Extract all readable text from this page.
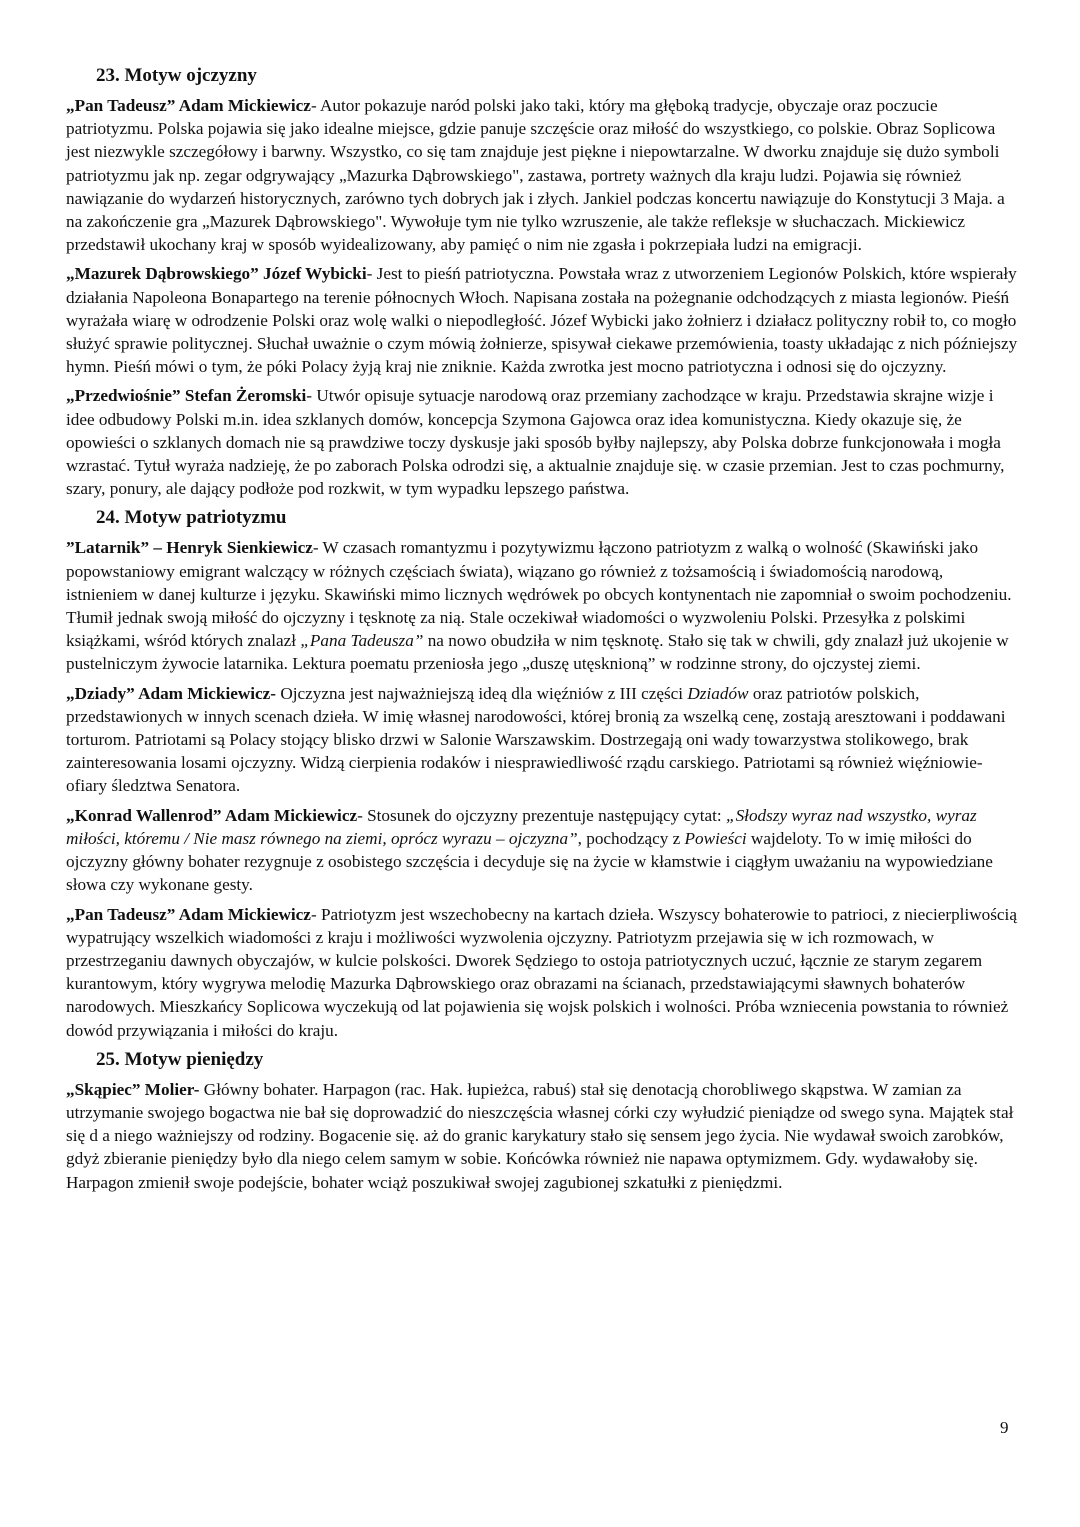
23. Motyw ojczyzny

„Pan Tadeusz” Adam Mickiewicz- Autor pokazuje naród polski jako taki, który ma głęboką tradycje, obyczaje oraz poczucie patriotyzmu. Polska pojawia się jako idealne miejsce, gdzie panuje szczęście oraz miłość do wszystkiego, co polskie. Obraz Soplicowa jest niezwykle szczegółowy i barwny. Wszystko, co się tam znajduje jest piękne i niepowtarzalne. W dworku znajduje się dużo symboli patriotyzmu jak np. zegar odgrywający „Mazurka Dąbrowskiego", zastawa, portrety ważnych dla kraju ludzi. Pojawia się również nawiązanie do wydarzeń historycznych, zarówno tych dobrych jak i złych. Jankiel podczas koncertu nawiązuje do Konstytucji 3 Maja. a na zakończenie gra „Mazurek Dąbrowskiego". Wywołuje tym nie tylko wzruszenie, ale także refleksje w słuchaczach. Mickiewicz przedstawił ukochany kraj w sposób wyidealizowany, aby pamięć o nim nie zgasła i pokrzepiała ludzi na emigracji.

„Mazurek Dąbrowskiego” Józef Wybicki- Jest to pieśń patriotyczna. Powstała wraz z utworzeniem Legionów Polskich, które wspierały działania Napoleona Bonapartego na terenie północnych Włoch. Napisana została na pożegnanie odchodzących z miasta legionów. Pieśń wyrażała wiarę w odrodzenie Polski oraz wolę walki o niepodległość. Józef Wybicki jako żołnierz i działacz polityczny robił to, co mogło służyć sprawie politycznej. Słuchał uważnie o czym mówią żołnierze, spisywał ciekawe przemówienia, toasty układając z nich późniejszy hymn. Pieśń mówi o tym, że póki Polacy żyją kraj nie zniknie. Każda zwrotka jest mocno patriotyczna i odnosi się do ojczyzny.

„Przedwiośnie” Stefan Żeromski- Utwór opisuje sytuacje narodową oraz przemiany zachodzące w kraju. Przedstawia skrajne wizje i idee odbudowy Polski m.in. idea szklanych domów, koncepcja Szymona Gajowca oraz idea komunistyczna. Kiedy okazuje się, że opowieści o szklanych domach nie są prawdziwe toczy dyskusje jaki sposób byłby najlepszy, aby Polska dobrze funkcjonowała i mogła wzrastać. Tytuł wyraża nadzieję, że po zaborach Polska odrodzi się, a aktualnie znajduje się. w czasie przemian. Jest to czas pochmurny, szary, ponury, ale dający podłoże pod rozkwit, w tym wypadku lepszego państwa.

24. Motyw patriotyzmu

”Latarnik” – Henryk Sienkiewicz- W czasach romantyzmu i pozytywizmu łączono patriotyzm z walką o wolność (Skawiński jako popowstaniowy emigrant walczący w różnych częściach świata), wiązano go również z tożsamością i świadomością narodową, istnieniem w danej kulturze i języku. Skawiński mimo licznych wędrówek po obcych kontynentach nie zapomniał o swoim pochodzeniu. Tłumił jednak swoją miłość do ojczyzny i tęsknotę za nią. Stale oczekiwał wiadomości o wyzwoleniu Polski. Przesyłka z polskimi książkami, wśród których znalazł „Pana Tadeusza” na nowo obudziła w nim tęsknotę. Stało się tak w chwili, gdy znalazł już ukojenie w pustelniczym żywocie latarnika. Lektura poematu przeniosła jego „duszę utęsknioną” w rodzinne strony, do ojczystej ziemi.

„Dziady” Adam Mickiewicz- Ojczyzna jest najważniejszą ideą dla więźniów z III części Dziadów oraz patriotów polskich, przedstawionych w innych scenach dzieła. W imię własnej narodowości, której bronią za wszelką cenę, zostają aresztowani i poddawani torturom. Patriotami są Polacy stojący blisko drzwi w Salonie Warszawskim. Dostrzegają oni wady towarzystwa stolikowego, brak zainteresowania losami ojczyzny. Widzą cierpienia rodaków i niesprawiedliwość rządu carskiego. Patriotami są również więźniowie- ofiary śledztwa Senatora.

„Konrad Wallenrod” Adam Mickiewicz- Stosunek do ojczyzny prezentuje następujący cytat: „Słodszy wyraz nad wszystko, wyraz miłości, któremu / Nie masz równego na ziemi, oprócz wyrazu – ojczyzna”, pochodzący z Powieści wajdeloty. To w imię miłości do ojczyzny główny bohater rezygnuje z osobistego szczęścia i decyduje się na życie w kłamstwie i ciągłym uważaniu na wypowiedziane słowa czy wykonane gesty.

„Pan Tadeusz” Adam Mickiewicz- Patriotyzm jest wszechobecny na kartach dzieła. Wszyscy bohaterowie to patrioci, z niecierpliwością wypatrujący wszelkich wiadomości z kraju i możliwości wyzwolenia ojczyzny. Patriotyzm przejawia się w ich rozmowach, w przestrzeganiu dawnych obyczajów, w kulcie polskości. Dworek Sędziego to ostoja patriotycznych uczuć, łącznie ze starym zegarem kurantowym, który wygrywa melodię Mazurka Dąbrowskiego oraz obrazami na ścianach, przedstawiającymi sławnych bohaterów narodowych. Mieszkańcy Soplicowa wyczekują od lat pojawienia się wojsk polskich i wolności. Próba wzniecenia powstania to również dowód przywiązania i miłości do kraju.

25. Motyw pieniędzy

„Skąpiec” Molier- Główny bohater. Harpagon (rac. Hak. łupieżca, rabuś) stał się denotacją chorobliwego skąpstwa. W zamian za utrzymanie swojego bogactwa nie bał się doprowadzić do nieszczęścia własnej córki czy wyłudzić pieniądze od swego syna. Majątek stał się d a niego ważniejszy od rodziny. Bogacenie się. aż do granic karykatury stało się sensem jego życia. Nie wydawał swoich zarobków, gdyż zbieranie pieniędzy było dla niego celem samym w sobie. Końcówka również nie napawa optymizmem. Gdy. wydawałoby się. Harpagon zmienił swoje podejście, bohater wciąż poszukiwał swojej zagubionej szkatułki z pieniędzmi.

9
